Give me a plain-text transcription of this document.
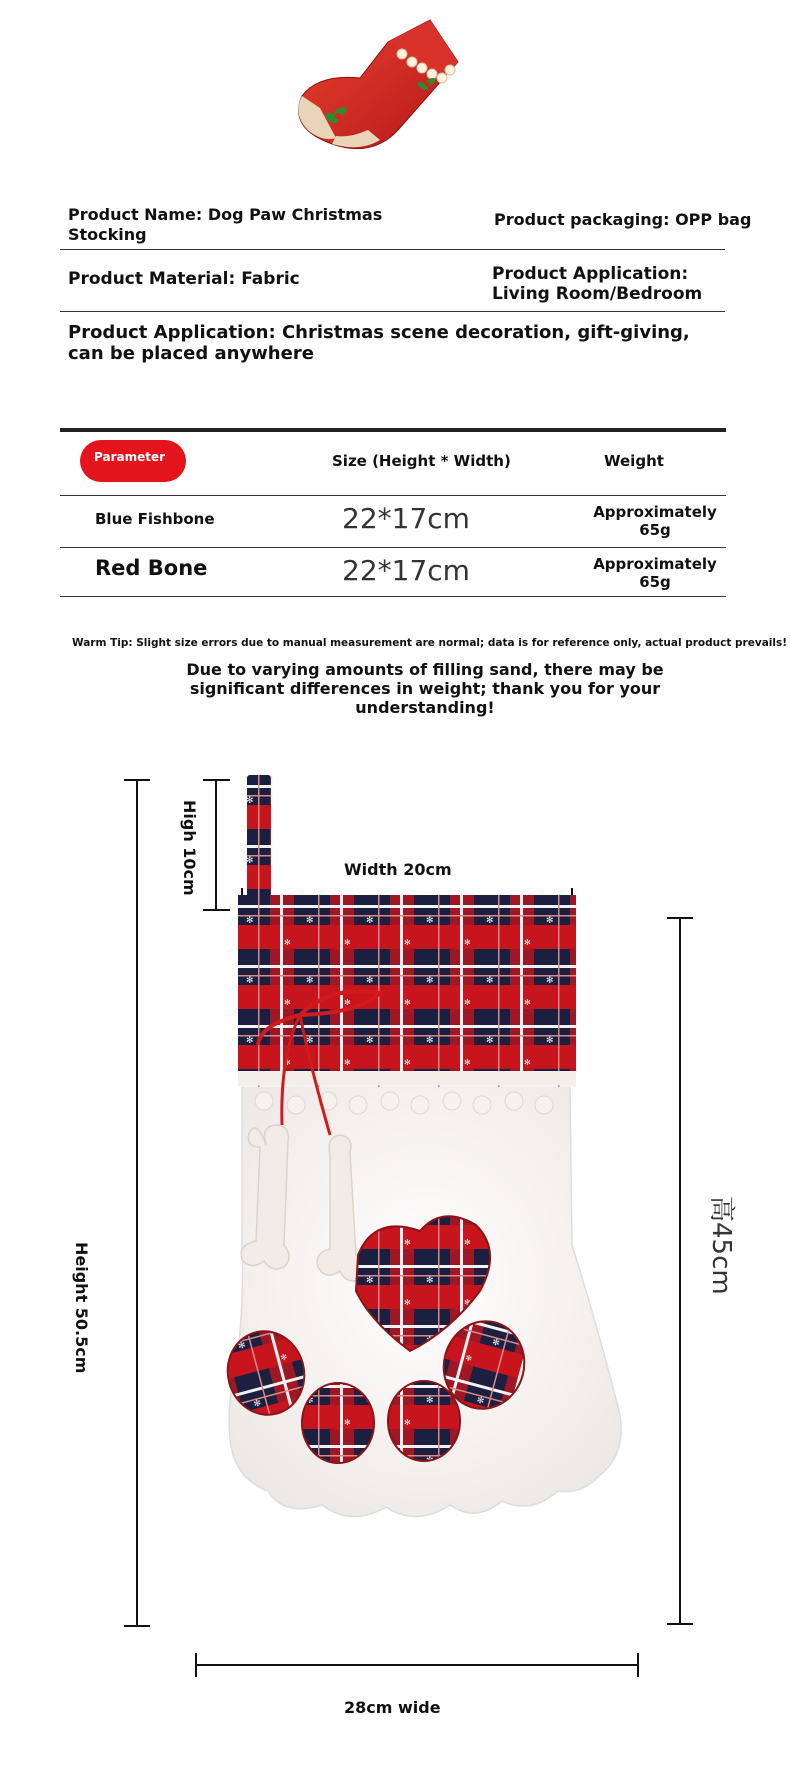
Product Name: Dog Paw Christmas Stocking
Product packaging: OPP bag
Product Material: Fabric	Product Application: Living Room/Bedroom
Product Application: Christmas scene decoration, gift-giving, can be placed anywhere
Parameter	Size (Height * Width)	Weight
Blue Fishbone	22*17cm	Approximately 65g
Red Bone	22*17cm	Approximately 65g
Warm Tip: Slight size errors due to manual measurement are normal; data is for reference only, actual product prevails!
Due to varying amounts of filling sand, there may be significant differences in weight; thank you for your understanding!
High 10cm	Width 20cm
Height 50.5cm	高45cm
28cm wide
